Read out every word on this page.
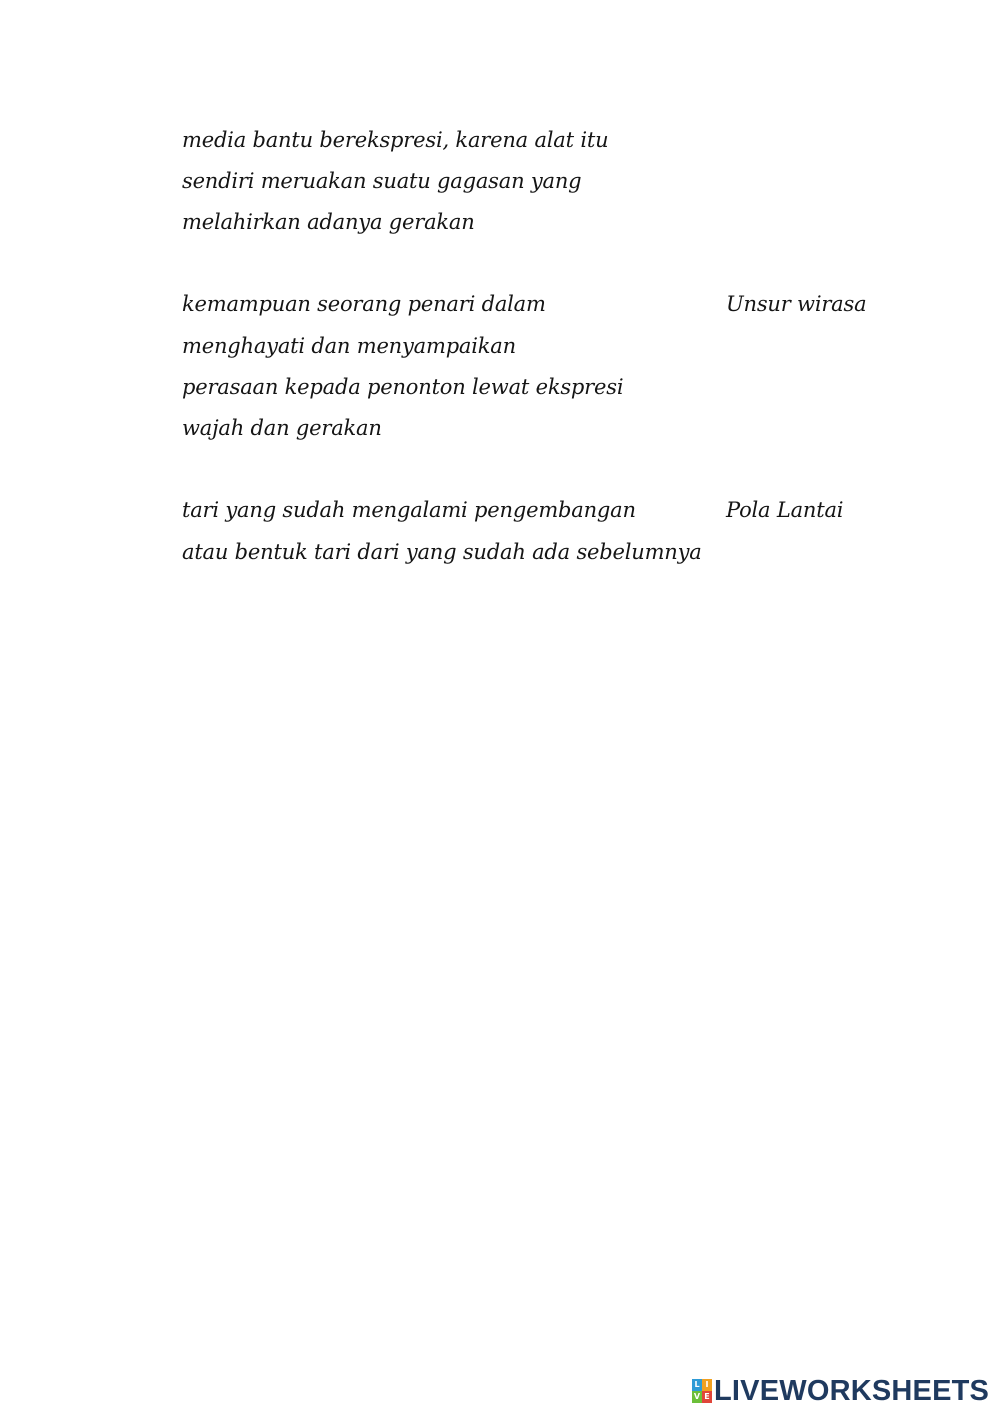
media bantu berekspresi, karena alat itu
sendiri meruakan suatu gagasan yang
melahirkan adanya gerakan
kemampuan seorang penari dalam
menghayati dan menyampaikan
perasaan kepada penonton lewat ekspresi
wajah dan gerakan
Unsur wirasa
tari yang sudah mengalami pengembangan
atau bentuk tari dari yang sudah ada sebelumnya
Pola Lantai
L I
V E LIVEWORKSHEETS
